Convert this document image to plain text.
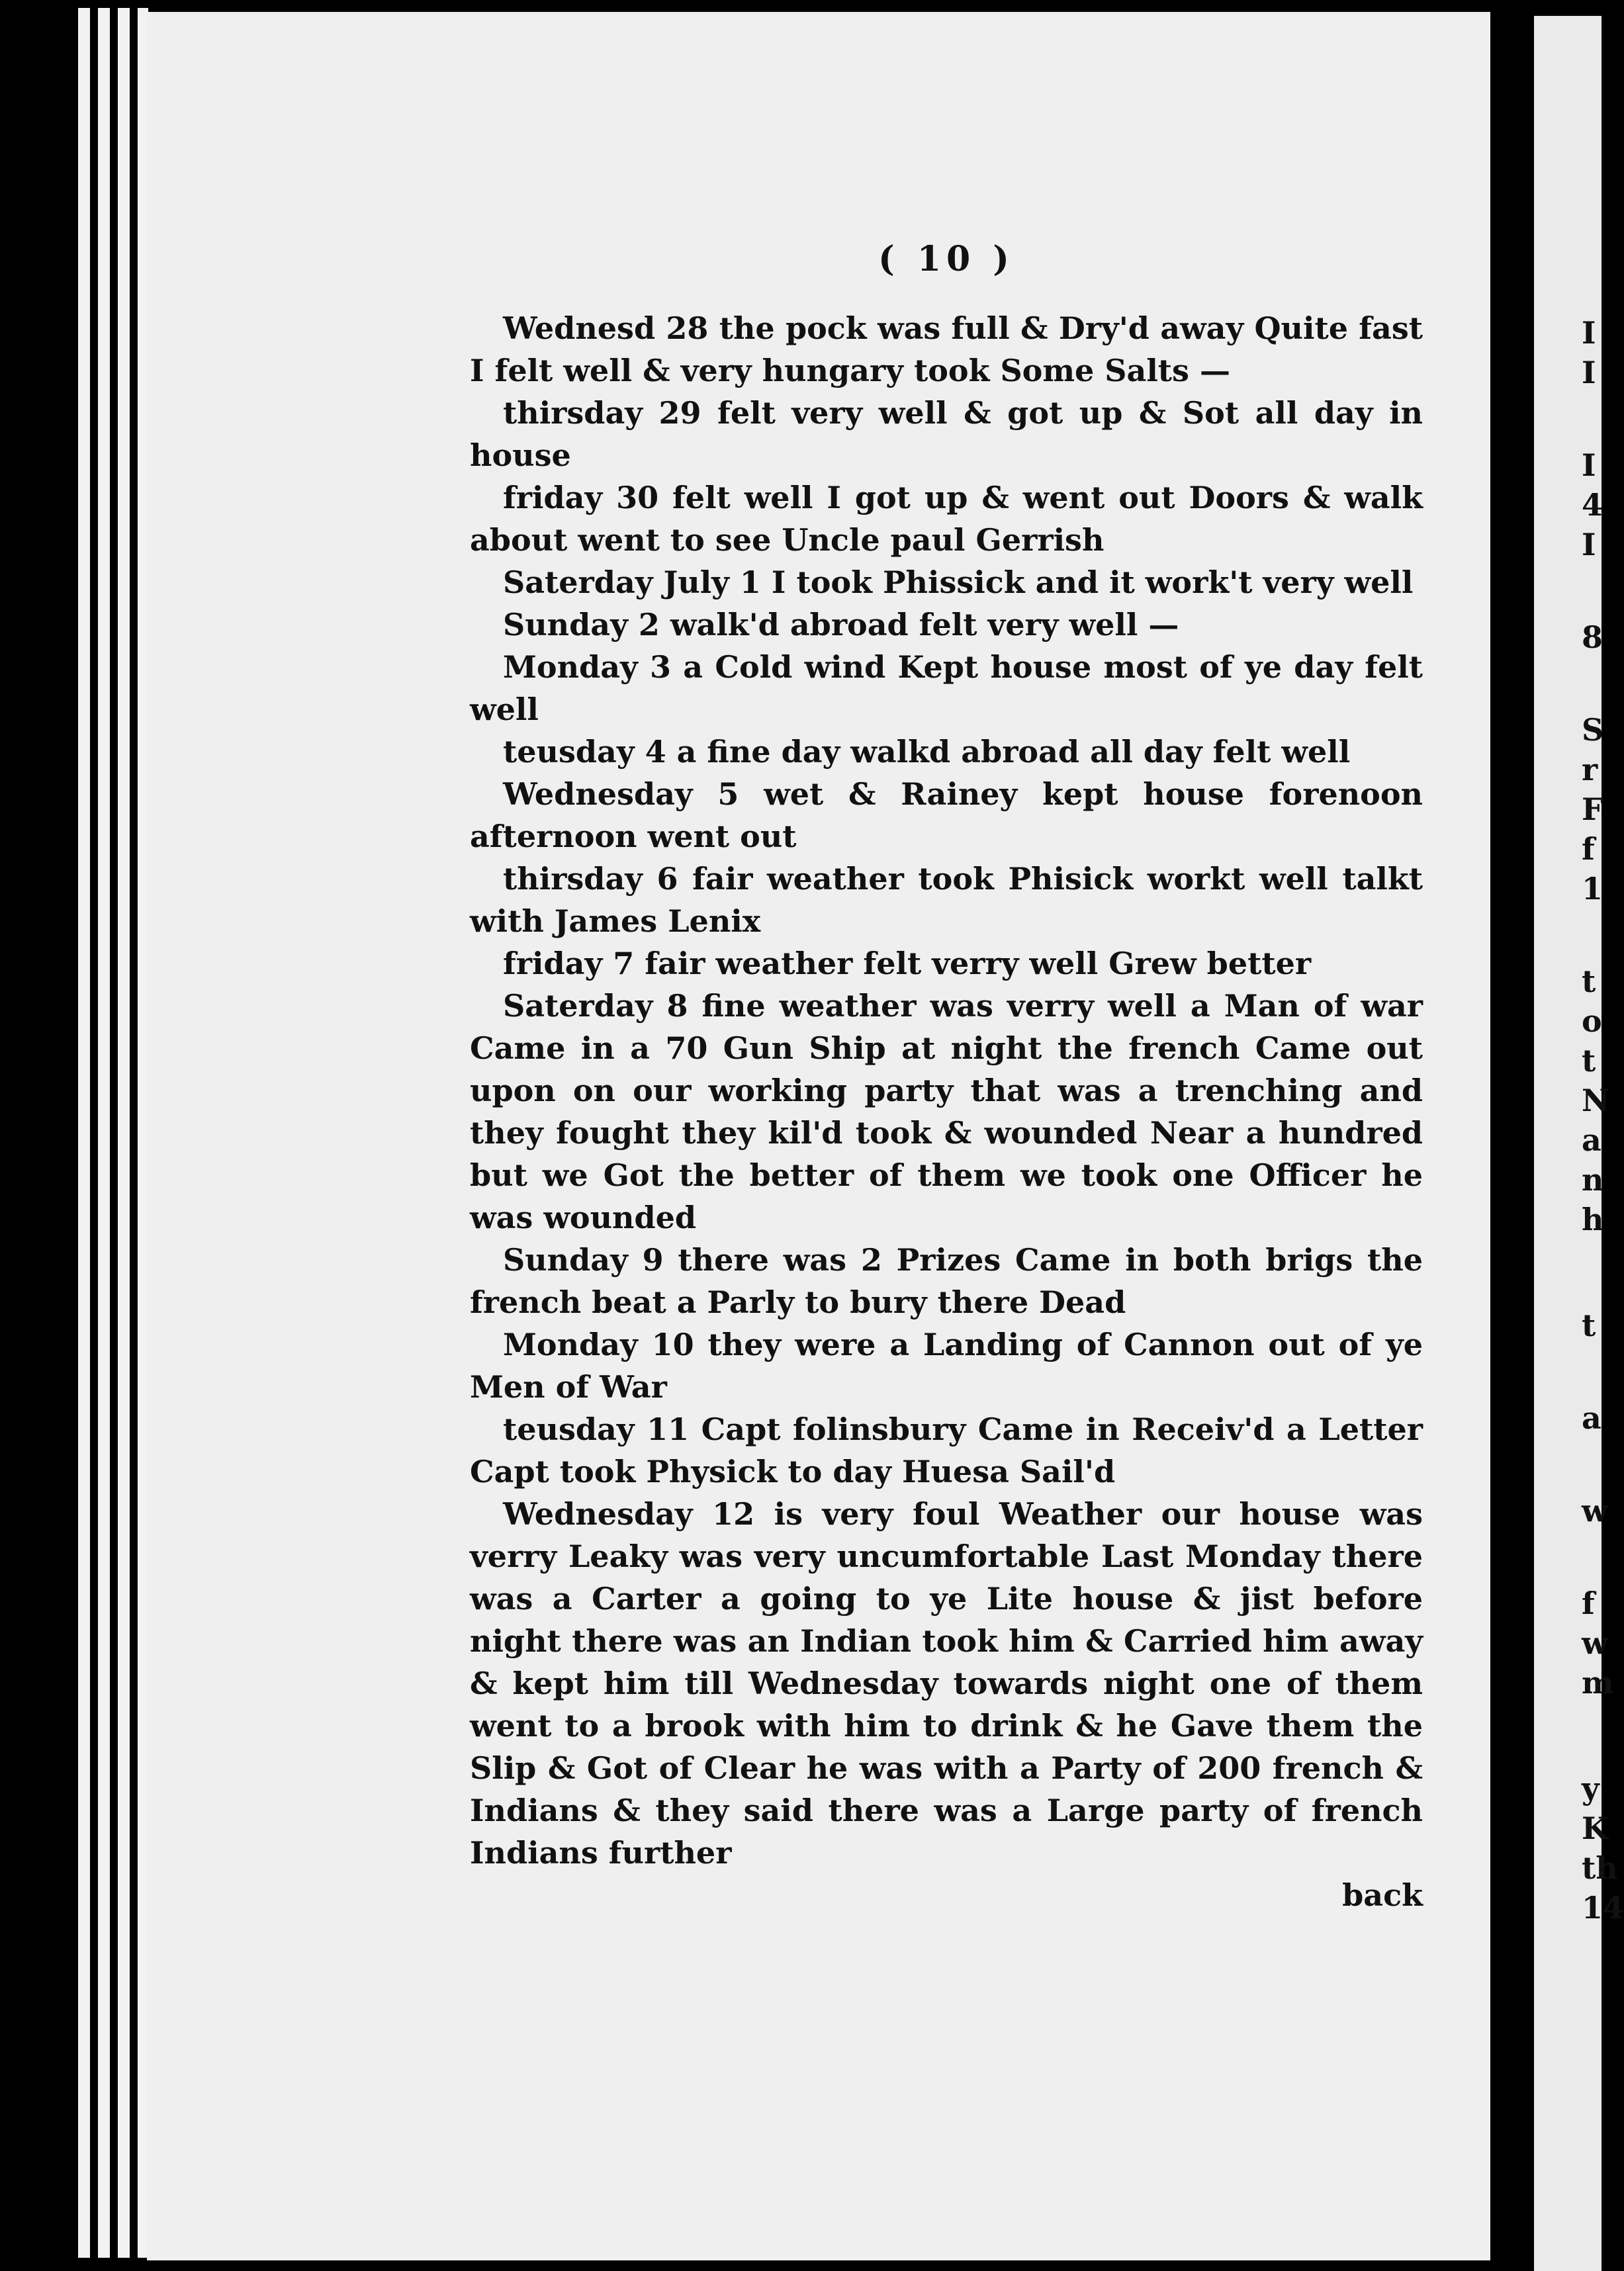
( 10 )

Wednesd 28 the pock was full & Dry'd away Quite fast I felt well & very hungary took Some Salts —

thirsday 29 felt very well & got up & Sot all day in house

friday 30 felt well I got up & went out Doors & walk about went to see Uncle paul Gerrish

Saterday July 1 I took Phissick and it work't very well

Sunday 2 walk'd abroad felt very well —

Monday 3 a Cold wind Kept house most of ye day felt well

teusday 4 a fine day walkd abroad all day felt well

Wednesday 5 wet & Rainey kept house forenoon afternoon went out

thirsday 6 fair weather took Phisick workt well talkt with James Lenix

friday 7 fair weather felt verry well Grew better

Saterday 8 fine weather was verry well a Man of war Came in a 70 Gun Ship at night the french Came out upon on our working party that was a trenching and they fought they kil'd took & wounded Near a hundred but we Got the better of them we took one Officer he was wounded

Sunday 9 there was 2 Prizes Came in both brigs the french beat a Parly to bury there Dead

Monday 10 they were a Landing of Cannon out of ye Men of War

teusday 11 Capt folinsbury Came in Receiv'd a Letter Capt took Physick to day Huesa Sail'd

Wednesday 12 is very foul Weather our house was verry Leaky was very uncumfortable Last Monday there was a Carter a going to ye Lite house & jist before night there was an Indian took him & Carried him away & kept him till Wednesday towards night one of them went to a brook with him to drink & he Gave them the Slip & Got of Clear he was with a Party of 200 french & Indians & they said there was a Large party of french Indians further

back
I
I
I
4
I
8
S
r
F
f
1
t
o
t
N
a
n
h
t
a
w
f
w
m
y
K
th
14
